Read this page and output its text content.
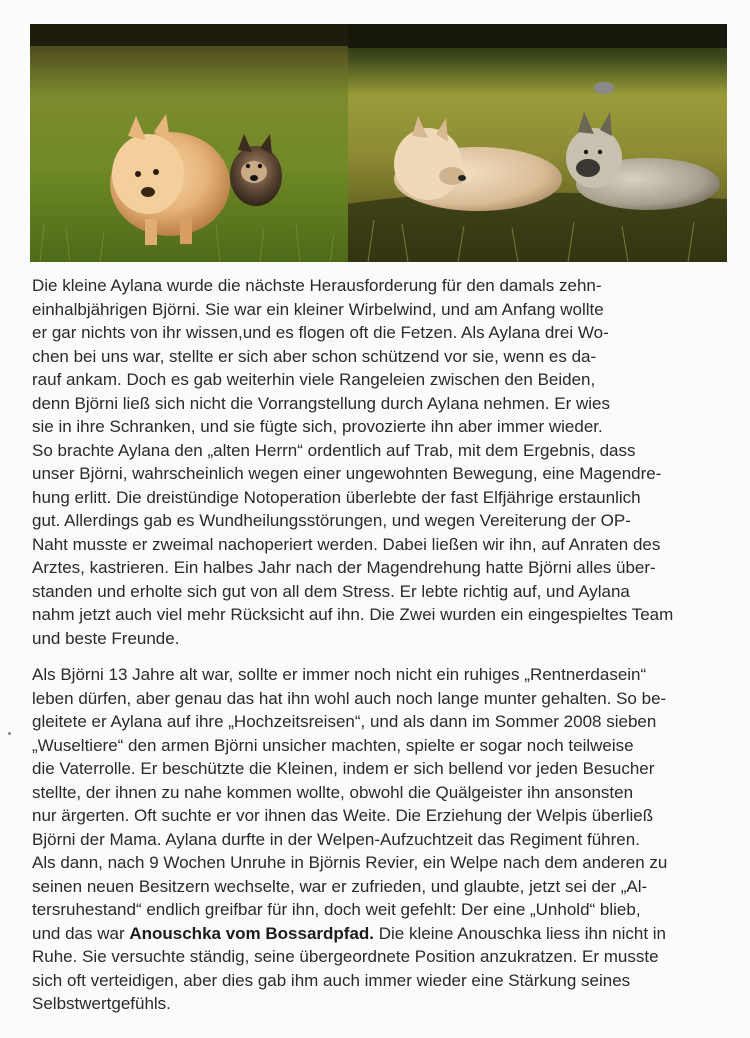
Die kleine Aylana wurde die nächste Herausforderung für den damals zehn-
einhalbjährigen Björni. Sie war ein kleiner Wirbelwind, und am Anfang wollte
er gar nichts von ihr wissen,und es flogen oft die Fetzen. Als Aylana drei Wo-
chen bei uns war, stellte er sich aber schon schützend vor sie, wenn es da-
rauf ankam. Doch es gab weiterhin viele Rangeleien zwischen den Beiden,
denn Björni ließ sich nicht die Vorrangstellung durch Aylana nehmen. Er wies
sie in ihre Schranken, und sie fügte sich, provozierte ihn aber immer wieder.
So brachte Aylana den „alten Herrn“ ordentlich auf Trab, mit dem Ergebnis, dass
unser Björni, wahrscheinlich wegen einer ungewohnten Bewegung, eine Magendre-
hung erlitt. Die dreistündige Notoperation überlebte der fast Elfjährige erstaunlich
gut. Allerdings gab es Wundheilungsstörungen, und wegen Vereiterung der OP-
Naht musste er zweimal nachoperiert werden. Dabei ließen wir ihn, auf Anraten des
Arztes, kastrieren. Ein halbes Jahr nach der Magendrehung hatte Björni alles über-
standen und erholte sich gut von all dem Stress. Er lebte richtig auf, und Aylana
nahm jetzt auch viel mehr Rücksicht auf ihn. Die Zwei wurden ein eingespieltes Team
und beste Freunde.

Als Björni 13 Jahre alt war, sollte er immer noch nicht ein ruhiges „Rentnerdasein“
leben dürfen, aber genau das hat ihn wohl auch noch lange munter gehalten. So be-
gleitete er Aylana auf ihre „Hochzeitsreisen“, und als dann im Sommer 2008 sieben
„Wuseltiere“ den armen Björni unsicher machten, spielte er sogar noch teilweise
die Vaterrolle. Er beschützte die Kleinen, indem er sich bellend vor jeden Besucher
stellte, der ihnen zu nahe kommen wollte, obwohl die Quälgeister ihn ansonsten
nur ärgerten. Oft suchte er vor ihnen das Weite. Die Erziehung der Welpis überließ
Björni der Mama. Aylana durfte in der Welpen-Aufzuchtzeit das Regiment führen.
Als dann, nach 9 Wochen Unruhe in Björnis Revier, ein Welpe nach dem anderen zu
seinen neuen Besitzern wechselte, war er zufrieden, und glaubte, jetzt sei der „Al-
tersruhestand“ endlich greifbar für ihn, doch weit gefehlt: Der eine „Unhold“ blieb,
und das war Anouschka vom Bossardpfad. Die kleine Anouschka liess ihn nicht in
Ruhe. Sie versuchte ständig, seine übergeordnete Position anzukratzen. Er musste
sich oft verteidigen, aber dies gab ihm auch immer wieder eine Stärkung seines
Selbstwertgefühls.
